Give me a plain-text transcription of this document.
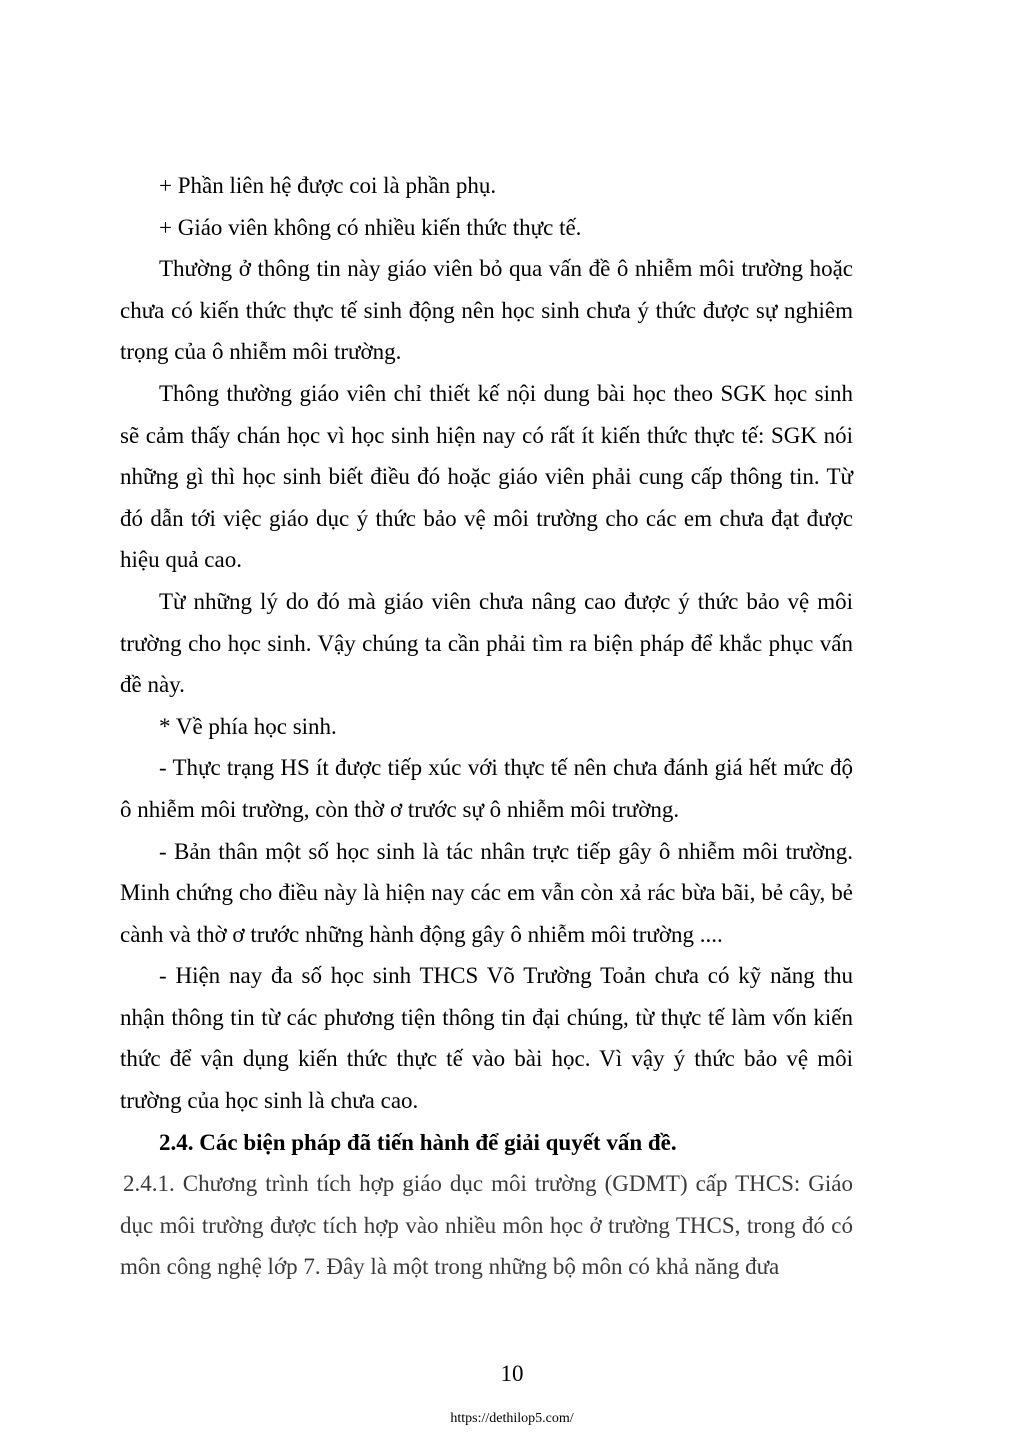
+ Phần liên hệ được coi là phần phụ.

+ Giáo viên không có nhiều kiến thức thực tế.

Thường ở thông tin này giáo viên bỏ qua vấn đề ô nhiễm môi trường hoặc chưa có kiến thức thực tế sinh động nên học sinh chưa ý thức được sự nghiêm trọng của ô nhiễm môi trường.

Thông thường giáo viên chỉ thiết kế nội dung bài học theo SGK học sinh sẽ cảm thấy chán học vì học sinh hiện nay có rất ít kiến thức thực tế: SGK nói những gì thì học sinh biết điều đó hoặc giáo viên phải cung cấp thông tin. Từ đó dẫn tới việc giáo dục ý thức bảo vệ môi trường cho các em chưa đạt được hiệu quả cao.

Từ những lý do đó mà giáo viên chưa nâng cao được ý thức bảo vệ môi trường cho học sinh. Vậy chúng ta cần phải tìm ra biện pháp để khắc phục vấn đề này.

* Về phía học sinh.

- Thực trạng HS ít được tiếp xúc với thực tế nên chưa đánh giá hết mức độ ô nhiễm môi trường, còn thờ ơ trước sự ô nhiễm môi trường.

- Bản thân một số học sinh là tác nhân trực tiếp gây ô nhiễm môi trường. Minh chứng cho điều này là hiện nay các em vẫn còn xả rác bừa bãi, bẻ cây, bẻ cành và thờ ơ trước những hành động gây ô nhiễm môi trường ....

- Hiện nay đa số học sinh THCS Võ Trường Toản chưa có kỹ năng thu nhận thông tin từ các phương tiện thông tin đại chúng, từ thực tế làm vốn kiến thức để vận dụng kiến thức thực tế vào bài học. Vì vậy ý thức bảo vệ môi trường của học sinh là chưa cao.

2.4. Các biện pháp đã tiến hành để giải quyết vấn đề.

2.4.1. Chương trình tích hợp giáo dục môi trường (GDMT) cấp THCS: Giáo dục môi trường được tích hợp vào nhiều môn học ở trường THCS, trong đó có môn công nghệ lớp 7. Đây là một trong những bộ môn có khả năng đưa

10
https://dethilop5.com/
